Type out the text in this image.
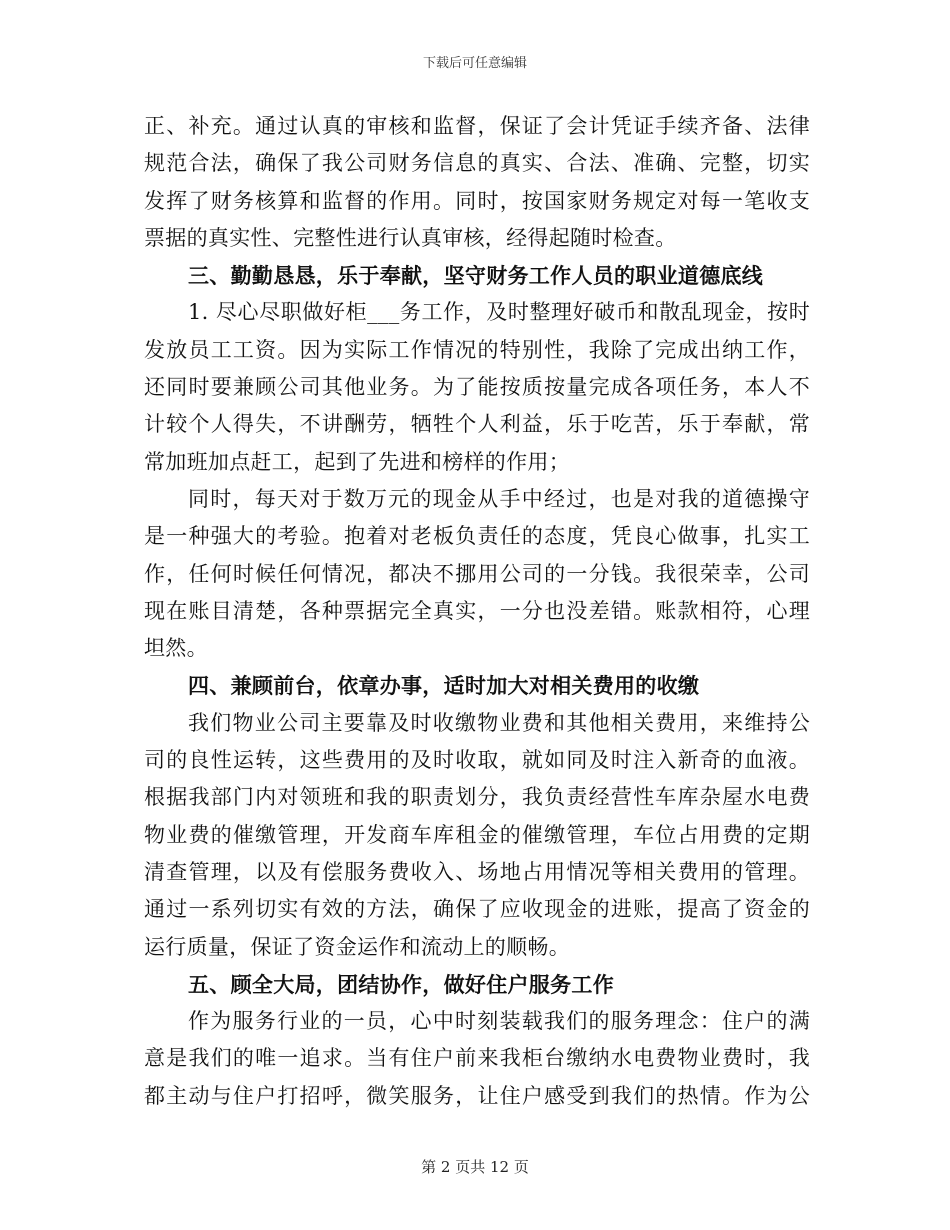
下载后可任意编辑
正、补充。通过认真的审核和监督，保证了会计凭证手续齐备、法律
规范合法，确保了我公司财务信息的真实、合法、准确、完整，切实
发挥了财务核算和监督的作用。同时，按国家财务规定对每一笔收支
票据的真实性、完整性进行认真审核，经得起随时检查。
三、勤勤恳恳，乐于奉献，坚守财务工作人员的职业道德底线
1. 尽心尽职做好柜___务工作，及时整理好破币和散乱现金，按时
发放员工工资。因为实际工作情况的特别性，我除了完成出纳工作，
还同时要兼顾公司其他业务。为了能按质按量完成各项任务，本人不
计较个人得失，不讲酬劳，牺牲个人利益，乐于吃苦，乐于奉献，常
常加班加点赶工，起到了先进和榜样的作用；
同时，每天对于数万元的现金从手中经过，也是对我的道德操守
是一种强大的考验。抱着对老板负责任的态度，凭良心做事，扎实工
作，任何时候任何情况，都决不挪用公司的一分钱。我很荣幸，公司
现在账目清楚，各种票据完全真实，一分也没差错。账款相符，心理
坦然。
四、兼顾前台，依章办事，适时加大对相关费用的收缴
我们物业公司主要靠及时收缴物业费和其他相关费用，来维持公
司的良性运转，这些费用的及时收取，就如同及时注入新奇的血液。
根据我部门内对领班和我的职责划分，我负责经营性车库杂屋水电费
物业费的催缴管理，开发商车库租金的催缴管理，车位占用费的定期
清查管理，以及有偿服务费收入、场地占用情况等相关费用的管理。
通过一系列切实有效的方法，确保了应收现金的进账，提高了资金的
运行质量，保证了资金运作和流动上的顺畅。
五、顾全大局，团结协作，做好住户服务工作
作为服务行业的一员，心中时刻装载我们的服务理念：住户的满
意是我们的唯一追求。当有住户前来我柜台缴纳水电费物业费时，我
都主动与住户打招呼，微笑服务，让住户感受到我们的热情。作为公
第 2 页共 12 页
